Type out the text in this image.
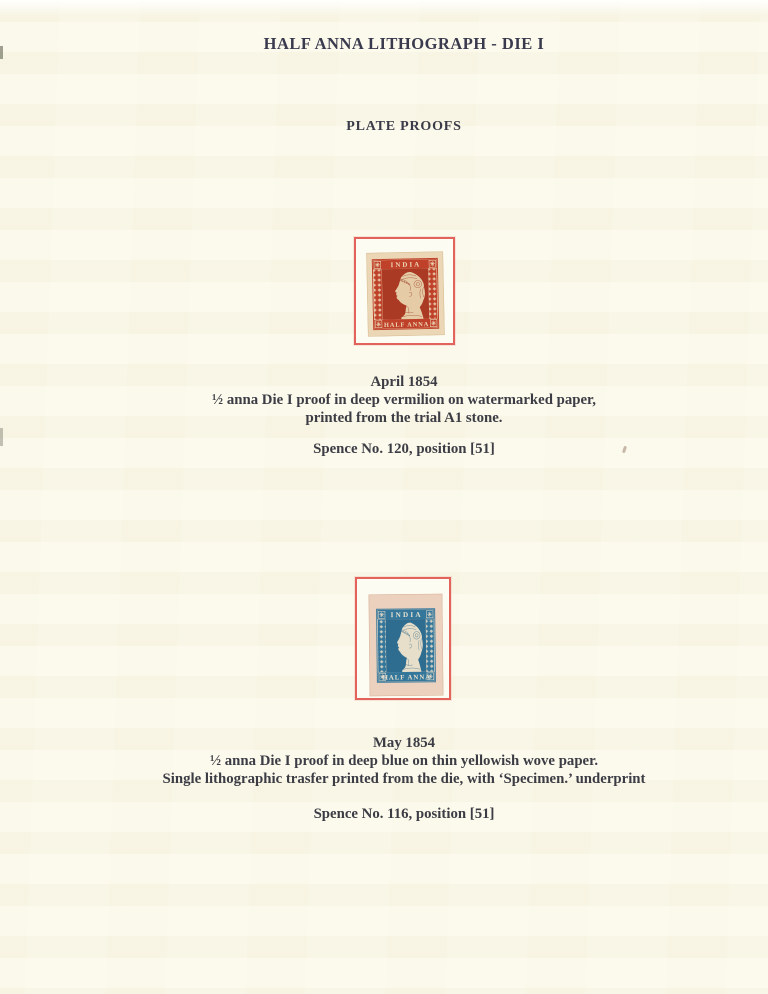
HALF ANNA LITHOGRAPH - DIE I
PLATE PROOFS
INDIA
HALF ANNA
April 1854
½ anna Die I proof in deep vermilion on watermarked paper,
printed from the trial A1 stone.
Spence No. 120, position [51]
INDIA
HALF ANNA
May 1854
½ anna Die I proof in deep blue on thin yellowish wove paper.
Single lithographic trasfer printed from the die, with ‘Specimen.’ underprint
Spence No. 116, position [51]
